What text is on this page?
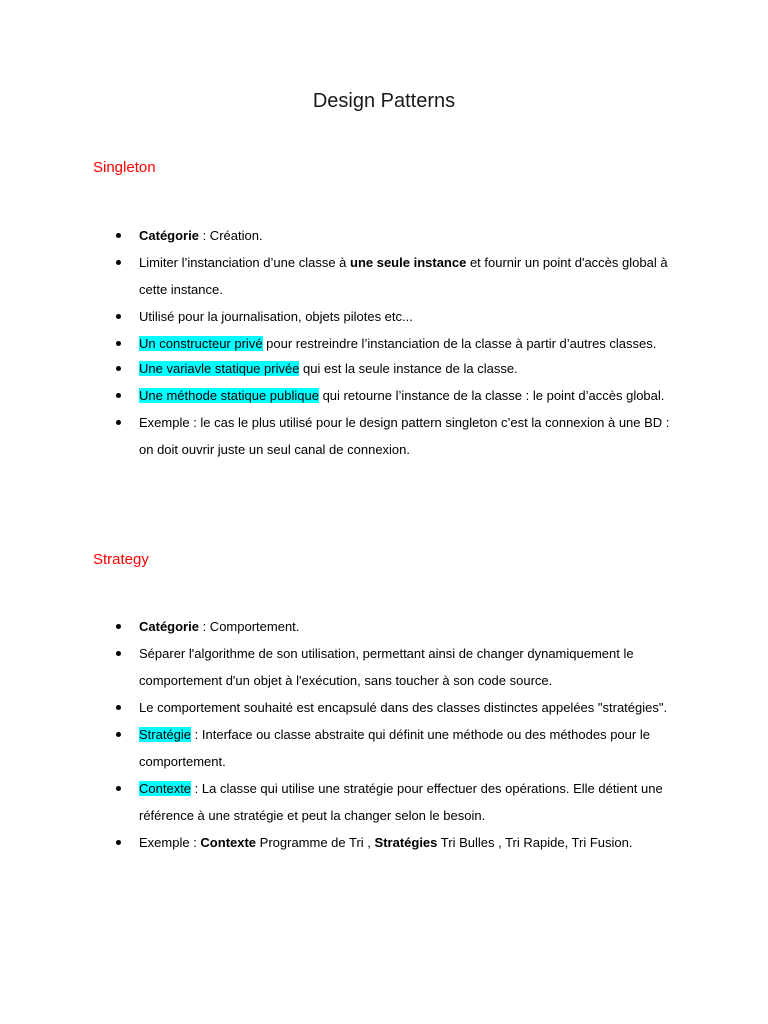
Design Patterns
Singleton
Catégorie : Création.
Limiter l’instanciation d’une classe à une seule instance et fournir un point d'accès global à cette instance.
Utilisé pour la journalisation, objets pilotes etc...
Un constructeur privé pour restreindre l’instanciation de la classe à partir d’autres classes.
Une variavle statique privée qui est la seule instance de la classe.
Une méthode statique publique qui retourne l’instance de la classe : le point d’accès global.
Exemple : le cas le plus utilisé pour le design pattern singleton c’est la connexion à une BD : on doit ouvrir juste un seul canal de connexion.
Strategy
Catégorie : Comportement.
Séparer l'algorithme de son utilisation, permettant ainsi de changer dynamiquement le comportement d'un objet à l'exécution, sans toucher à son code source.
Le comportement souhaité est encapsulé dans des classes distinctes appelées "stratégies".
Stratégie : Interface ou classe abstraite qui définit une méthode ou des méthodes pour le comportement.
Contexte : La classe qui utilise une stratégie pour effectuer des opérations. Elle détient une référence à une stratégie et peut la changer selon le besoin.
Exemple : Contexte Programme de Tri , Stratégies Tri Bulles , Tri Rapide, Tri Fusion.
